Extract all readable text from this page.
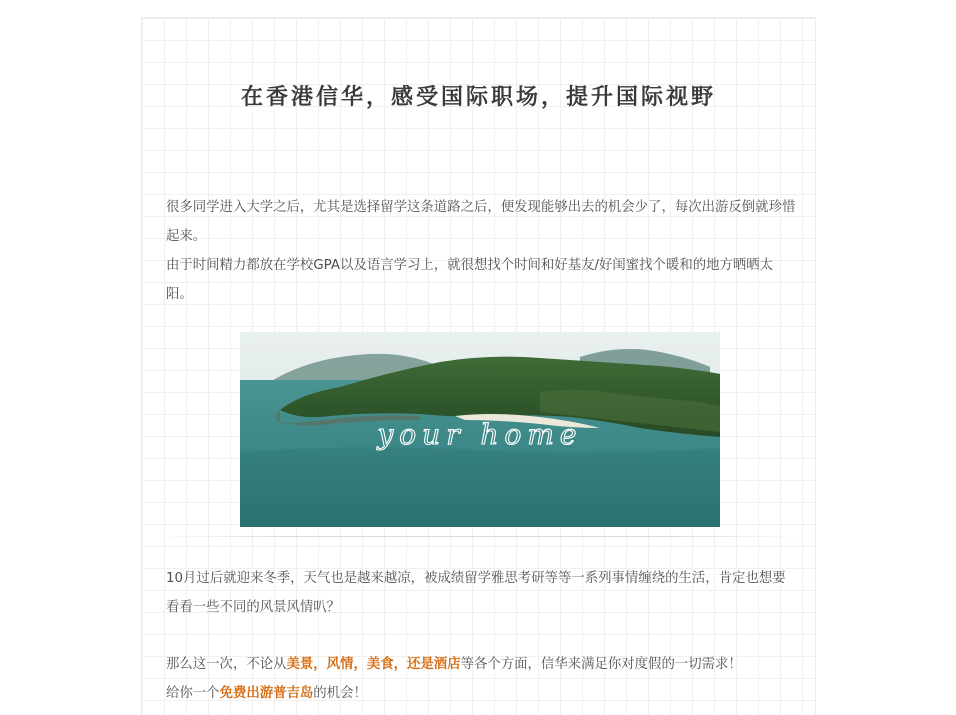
在香港信华，感受国际职场，提升国际视野
很多同学进入大学之后，尤其是选择留学这条道路之后，便发现能够出去的机会少了，每次出游反倒就珍惜起来。
由于时间精力都放在学校GPA以及语言学习上，就很想找个时间和好基友/好闺蜜找个暖和的地方晒晒太阳。
your home
10月过后就迎来冬季，天气也是越来越凉，被成绩留学雅思考研等等一系列事情缠绕的生活，肯定也想要看看一些不同的风景风情叭？
那么这一次，不论从美景，风情，美食，还是酒店等各个方面，信华来满足你对度假的一切需求！
给你一个免费出游普吉岛的机会！
